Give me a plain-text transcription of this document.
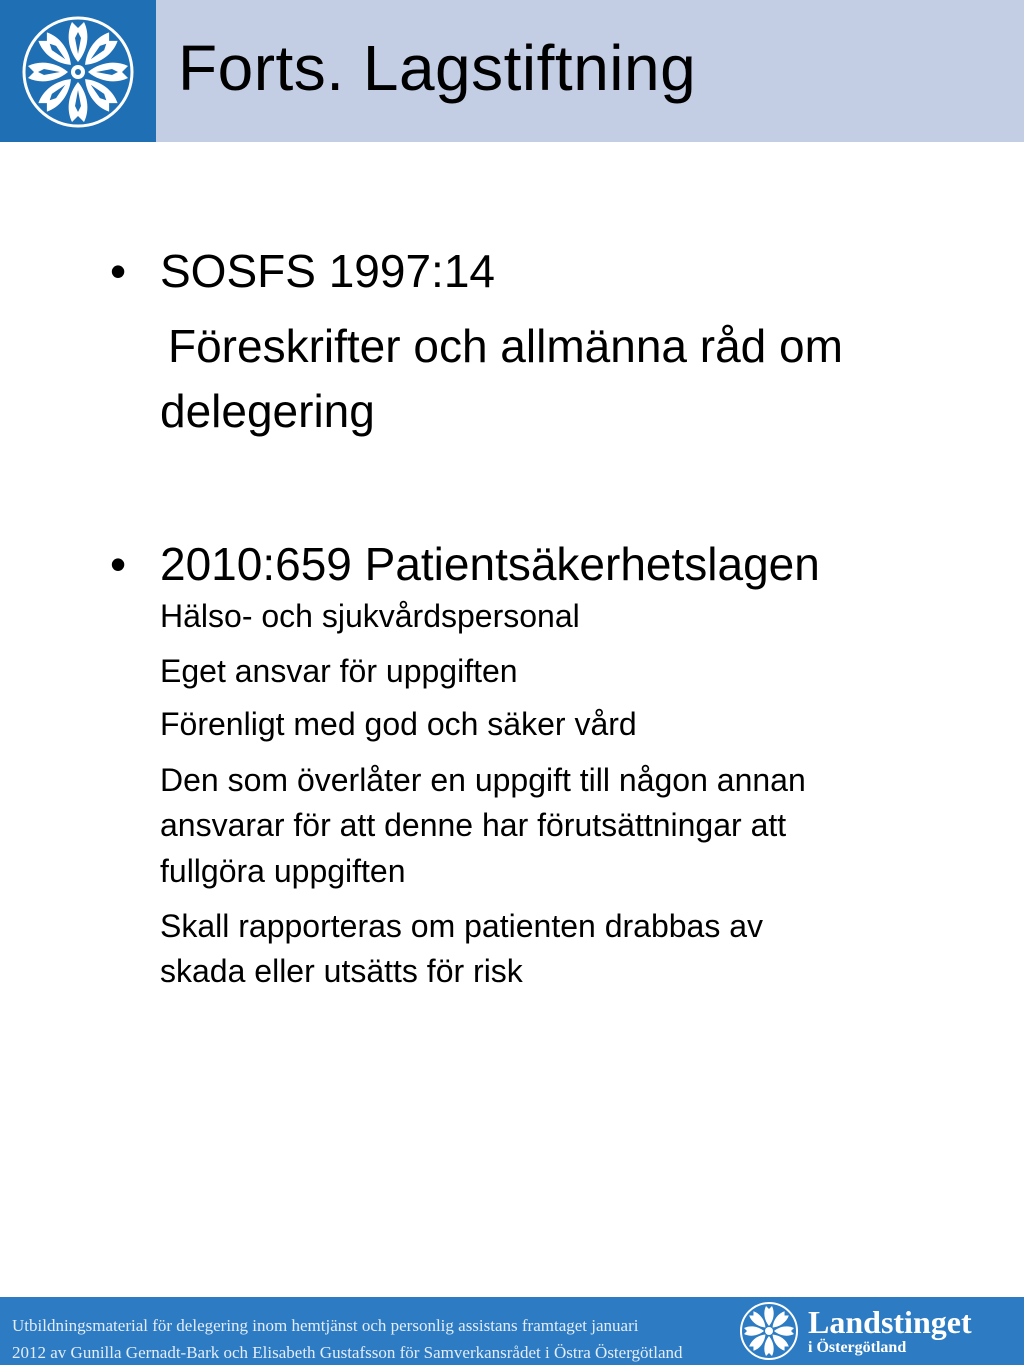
Forts. Lagstiftning
• SOSFS 1997:14
Föreskrifter och allmänna råd om
delegering
• 2010:659 Patientsäkerhetslagen
Hälso- och sjukvårdspersonal
Eget ansvar för uppgiften
Förenligt med god och säker vård
Den som överlåter en uppgift till någon annan
ansvarar för att denne har förutsättningar att
fullgöra uppgiften
Skall rapporteras om patienten drabbas av
skada eller utsätts för risk
Utbildningsmaterial för delegering inom hemtjänst och personlig assistans framtaget januari
2012 av Gunilla Gernadt-Bark och Elisabeth Gustafsson för Samverkansrådet i Östra Östergötland
Landstinget
i Östergötland
